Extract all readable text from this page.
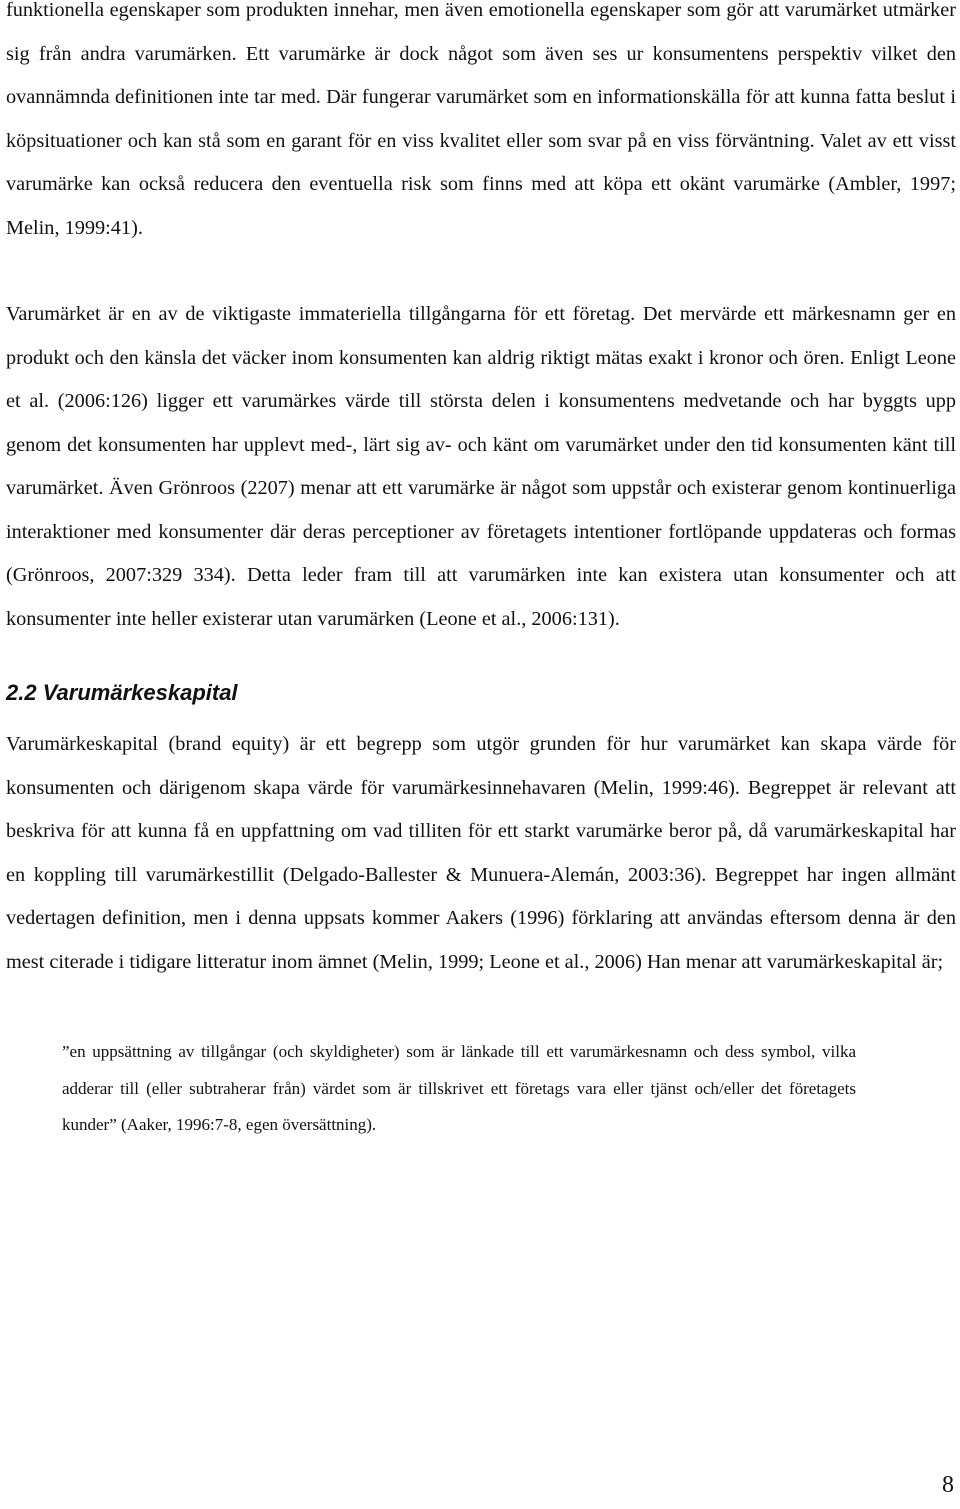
funktionella egenskaper som produkten innehar, men även emotionella egenskaper som gör att varumärket utmärker sig från andra varumärken. Ett varumärke är dock något som även ses ur konsumentens perspektiv vilket den ovannämnda definitionen inte tar med. Där fungerar varumärket som en informationskälla för att kunna fatta beslut i köpsituationer och kan stå som en garant för en viss kvalitet eller som svar på en viss förväntning. Valet av ett visst varumärke kan också reducera den eventuella risk som finns med att köpa ett okänt varumärke (Ambler, 1997; Melin, 1999:41).

Varumärket är en av de viktigaste immateriella tillgångarna för ett företag. Det mervärde ett märkesnamn ger en produkt och den känsla det väcker inom konsumenten kan aldrig riktigt mätas exakt i kronor och ören. Enligt Leone et al. (2006:126) ligger ett varumärkes värde till största delen i konsumentens medvetande och har byggts upp genom det konsumenten har upplevt med-, lärt sig av- och känt om varumärket under den tid konsumenten känt till varumärket. Även Grönroos (2207) menar att ett varumärke är något som uppstår och existerar genom kontinuerliga interaktioner med konsumenter där deras perceptioner av företagets intentioner fortlöpande uppdateras och formas (Grönroos, 2007:329 334). Detta leder fram till att varumärken inte kan existera utan konsumenter och att konsumenter inte heller existerar utan varumärken (Leone et al., 2006:131).

2.2 Varumärkeskapital

Varumärkeskapital (brand equity) är ett begrepp som utgör grunden för hur varumärket kan skapa värde för konsumenten och därigenom skapa värde för varumärkesinnehavaren (Melin, 1999:46). Begreppet är relevant att beskriva för att kunna få en uppfattning om vad tilliten för ett starkt varumärke beror på, då varumärkeskapital har en koppling till varumärkestillit (Delgado-Ballester & Munuera-Alemán, 2003:36). Begreppet har ingen allmänt vedertagen definition, men i denna uppsats kommer Aakers (1996) förklaring att användas eftersom denna är den mest citerade i tidigare litteratur inom ämnet (Melin, 1999; Leone et al., 2006) Han menar att varumärkeskapital är;

”en uppsättning av tillgångar (och skyldigheter) som är länkade till ett varumärkesnamn och dess symbol, vilka adderar till (eller subtraherar från) värdet som är tillskrivet ett företags vara eller tjänst och/eller det företagets kunder” (Aaker, 1996:7-8, egen översättning).

8
